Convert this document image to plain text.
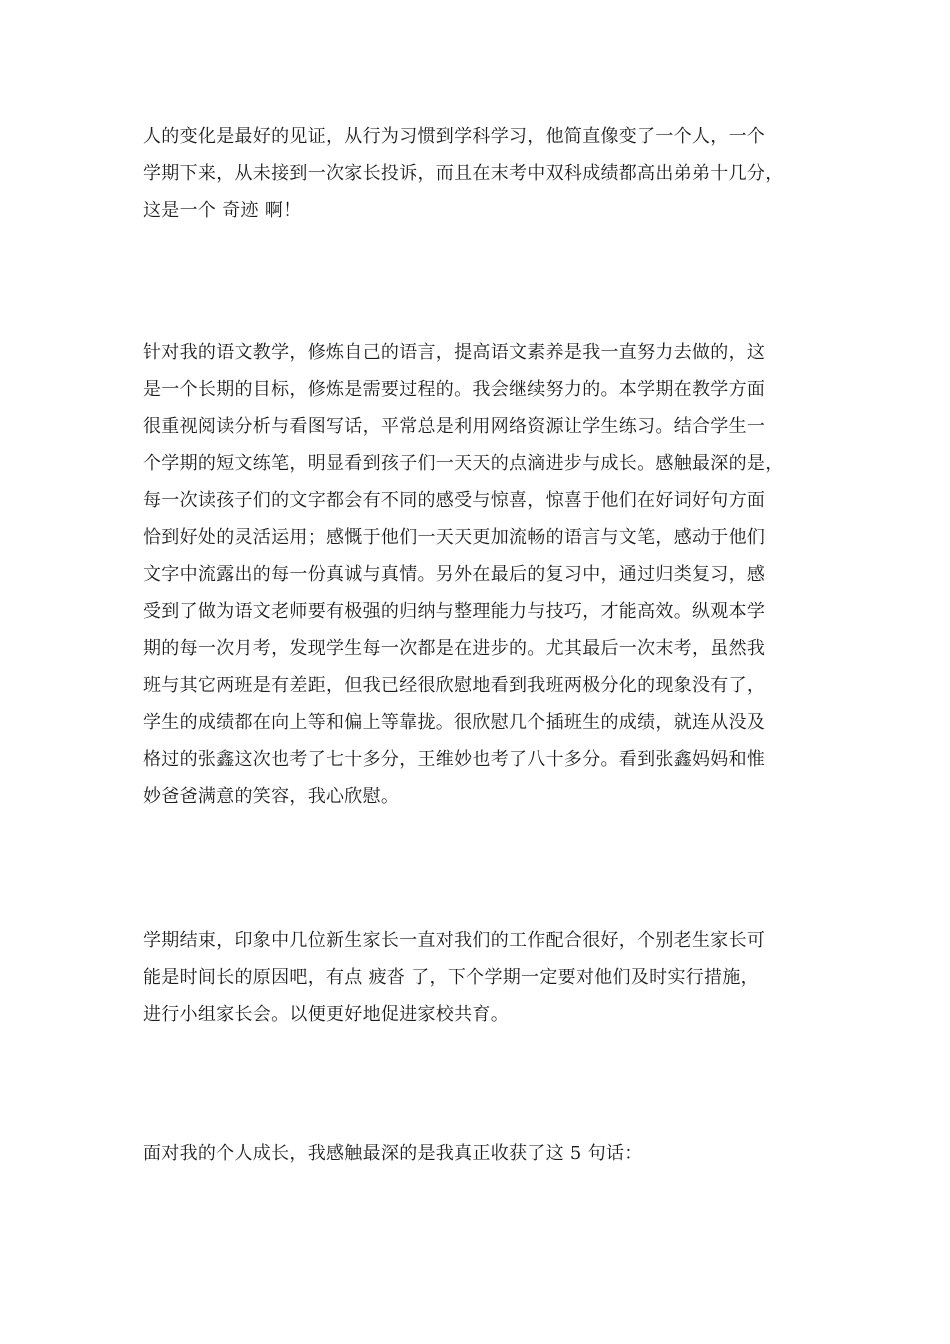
人的变化是最好的见证，从行为习惯到学科学习，他简直像变了一个人，一个
学期下来，从未接到一次家长投诉，而且在末考中双科成绩都高出弟弟十几分，
这是一个 奇迹 啊！

针对我的语文教学，修炼自己的语言，提高语文素养是我一直努力去做的，这
是一个长期的目标，修炼是需要过程的。我会继续努力的。本学期在教学方面
很重视阅读分析与看图写话，平常总是利用网络资源让学生练习。结合学生一
个学期的短文练笔，明显看到孩子们一天天的点滴进步与成长。感触最深的是，
每一次读孩子们的文字都会有不同的感受与惊喜，惊喜于他们在好词好句方面
恰到好处的灵活运用；感慨于他们一天天更加流畅的语言与文笔，感动于他们
文字中流露出的每一份真诚与真情。另外在最后的复习中，通过归类复习，感
受到了做为语文老师要有极强的归纳与整理能力与技巧，才能高效。纵观本学
期的每一次月考，发现学生每一次都是在进步的。尤其最后一次末考，虽然我
班与其它两班是有差距，但我已经很欣慰地看到我班两极分化的现象没有了，
学生的成绩都在向上等和偏上等靠拢。很欣慰几个插班生的成绩，就连从没及
格过的张鑫这次也考了七十多分，王维妙也考了八十多分。看到张鑫妈妈和惟
妙爸爸满意的笑容，我心欣慰。

学期结束，印象中几位新生家长一直对我们的工作配合很好，个别老生家长可
能是时间长的原因吧，有点 疲沓 了，下个学期一定要对他们及时实行措施，
进行小组家长会。以便更好地促进家校共育。

面对我的个人成长，我感触最深的是我真正收获了这 5 句话：
